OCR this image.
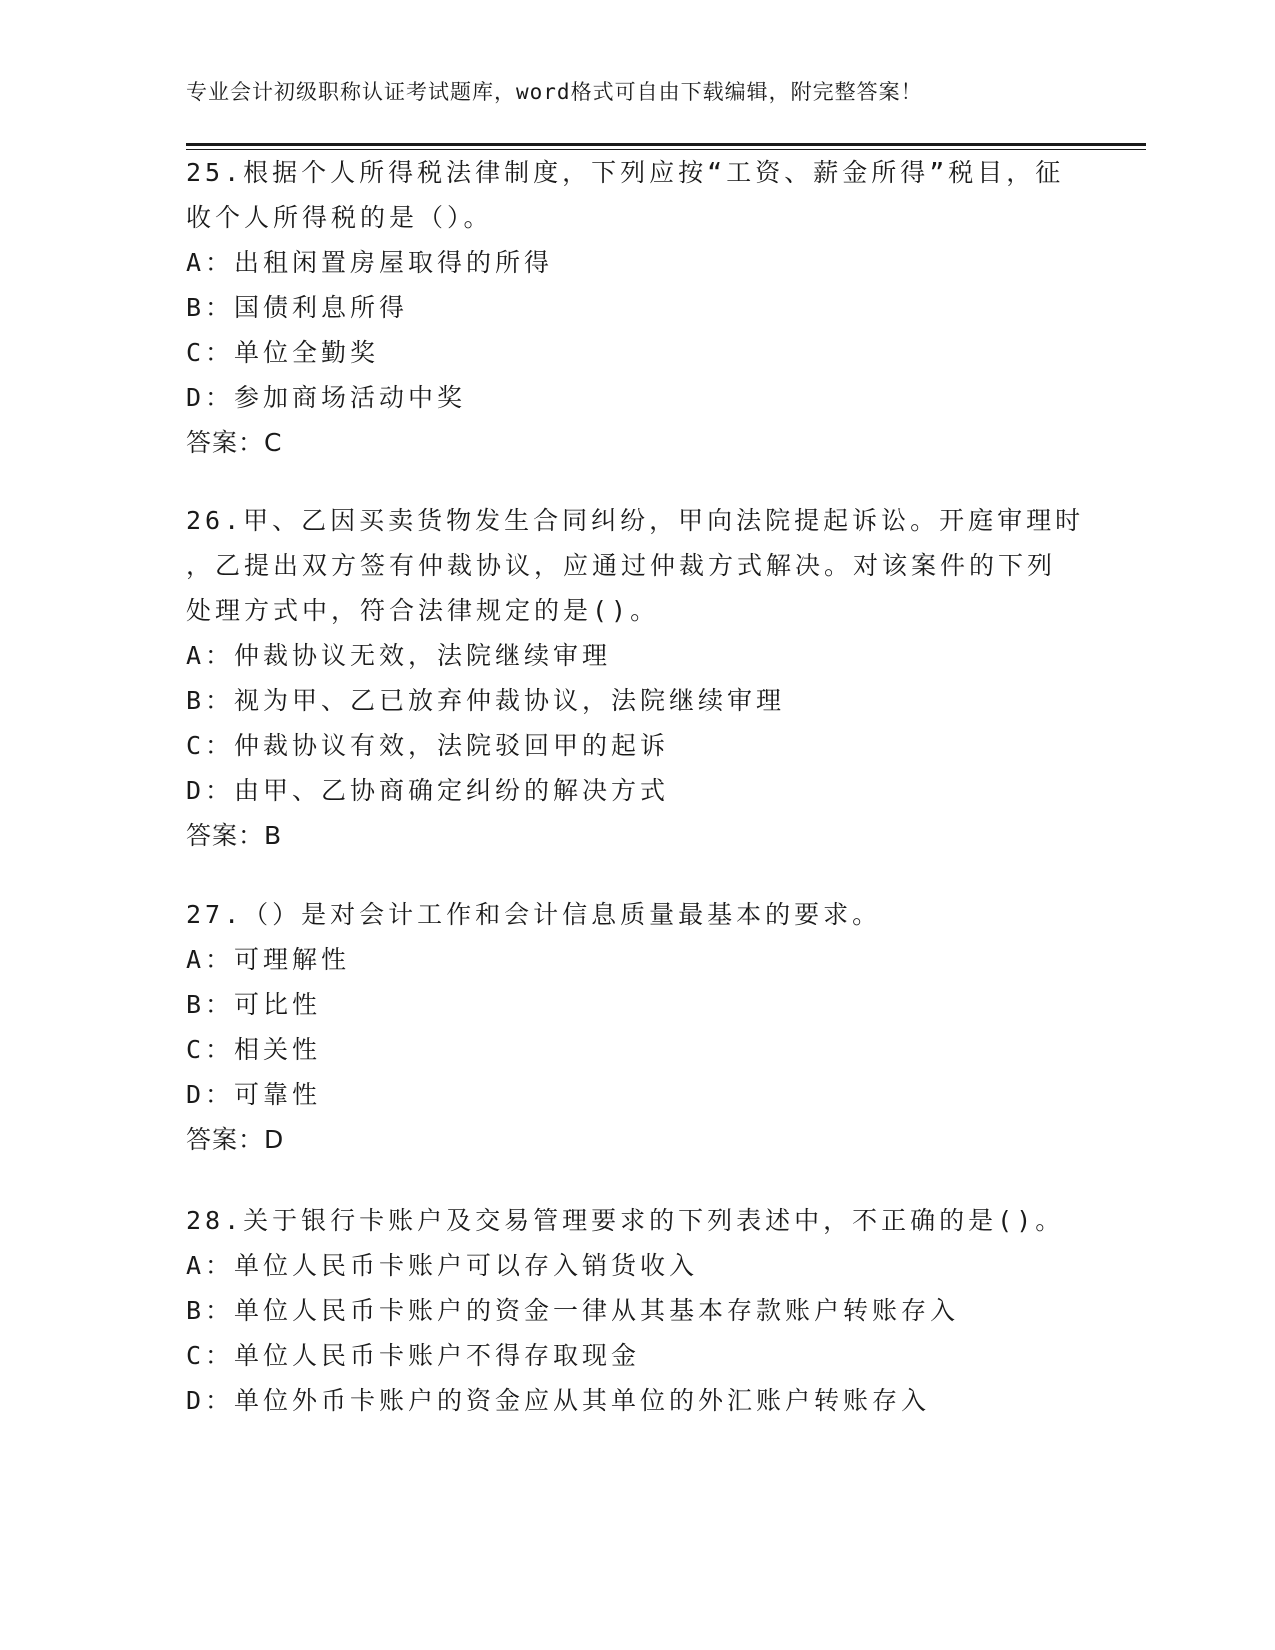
专业会计初级职称认证考试题库，word格式可自由下载编辑，附完整答案！
25.根据个人所得税法律制度，下列应按“工资、薪金所得”税目，征
收个人所得税的是（）。
A：出租闲置房屋取得的所得
B：国债利息所得
C：单位全勤奖
D：参加商场活动中奖
答案：C
26.甲、乙因买卖货物发生合同纠纷，甲向法院提起诉讼。开庭审理时
，乙提出双方签有仲裁协议，应通过仲裁方式解决。对该案件的下列
处理方式中，符合法律规定的是()。
A：仲裁协议无效，法院继续审理
B：视为甲、乙已放弃仲裁协议，法院继续审理
C：仲裁协议有效，法院驳回甲的起诉
D：由甲、乙协商确定纠纷的解决方式
答案：B
27.（）是对会计工作和会计信息质量最基本的要求。
A：可理解性
B：可比性
C：相关性
D：可靠性
答案：D
28.关于银行卡账户及交易管理要求的下列表述中，不正确的是()。
A：单位人民币卡账户可以存入销货收入
B：单位人民币卡账户的资金一律从其基本存款账户转账存入
C：单位人民币卡账户不得存取现金
D：单位外币卡账户的资金应从其单位的外汇账户转账存入
